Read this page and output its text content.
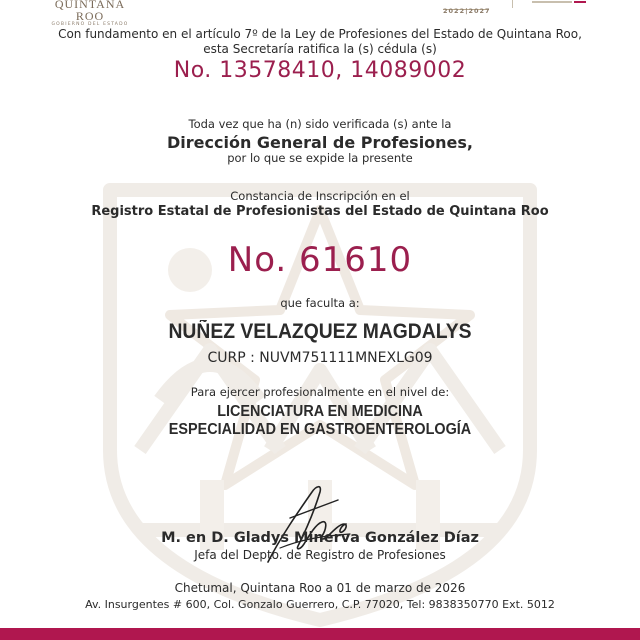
QUINTANA ROO
GOBIERNO DEL ESTADO
2022|2027
Con fundamento en el artículo 7º de la Ley de Profesiones del Estado de Quintana Roo,
esta Secretaría ratifica la (s) cédula (s)
No. 13578410, 14089002
Toda vez que ha (n) sido verificada (s) ante la
Dirección General de Profesiones,
por lo que se expide la presente
Constancia de Inscripción en el
Registro Estatal de Profesionistas del Estado de Quintana Roo
No. 61610
que faculta a:
NUÑEZ VELAZQUEZ MAGDALYS
CURP : NUVM751111MNEXLG09
Para ejercer profesionalmente en el nivel de:
LICENCIATURA EN MEDICINA
ESPECIALIDAD EN GASTROENTEROLOGÍA
M. en D. Gladys Minerva González Díaz
Jefa del Depto. de Registro de Profesiones
Chetumal, Quintana Roo a 01 de marzo de 2026
Av. Insurgentes # 600, Col. Gonzalo Guerrero, C.P. 77020, Tel: 9838350770 Ext. 5012
